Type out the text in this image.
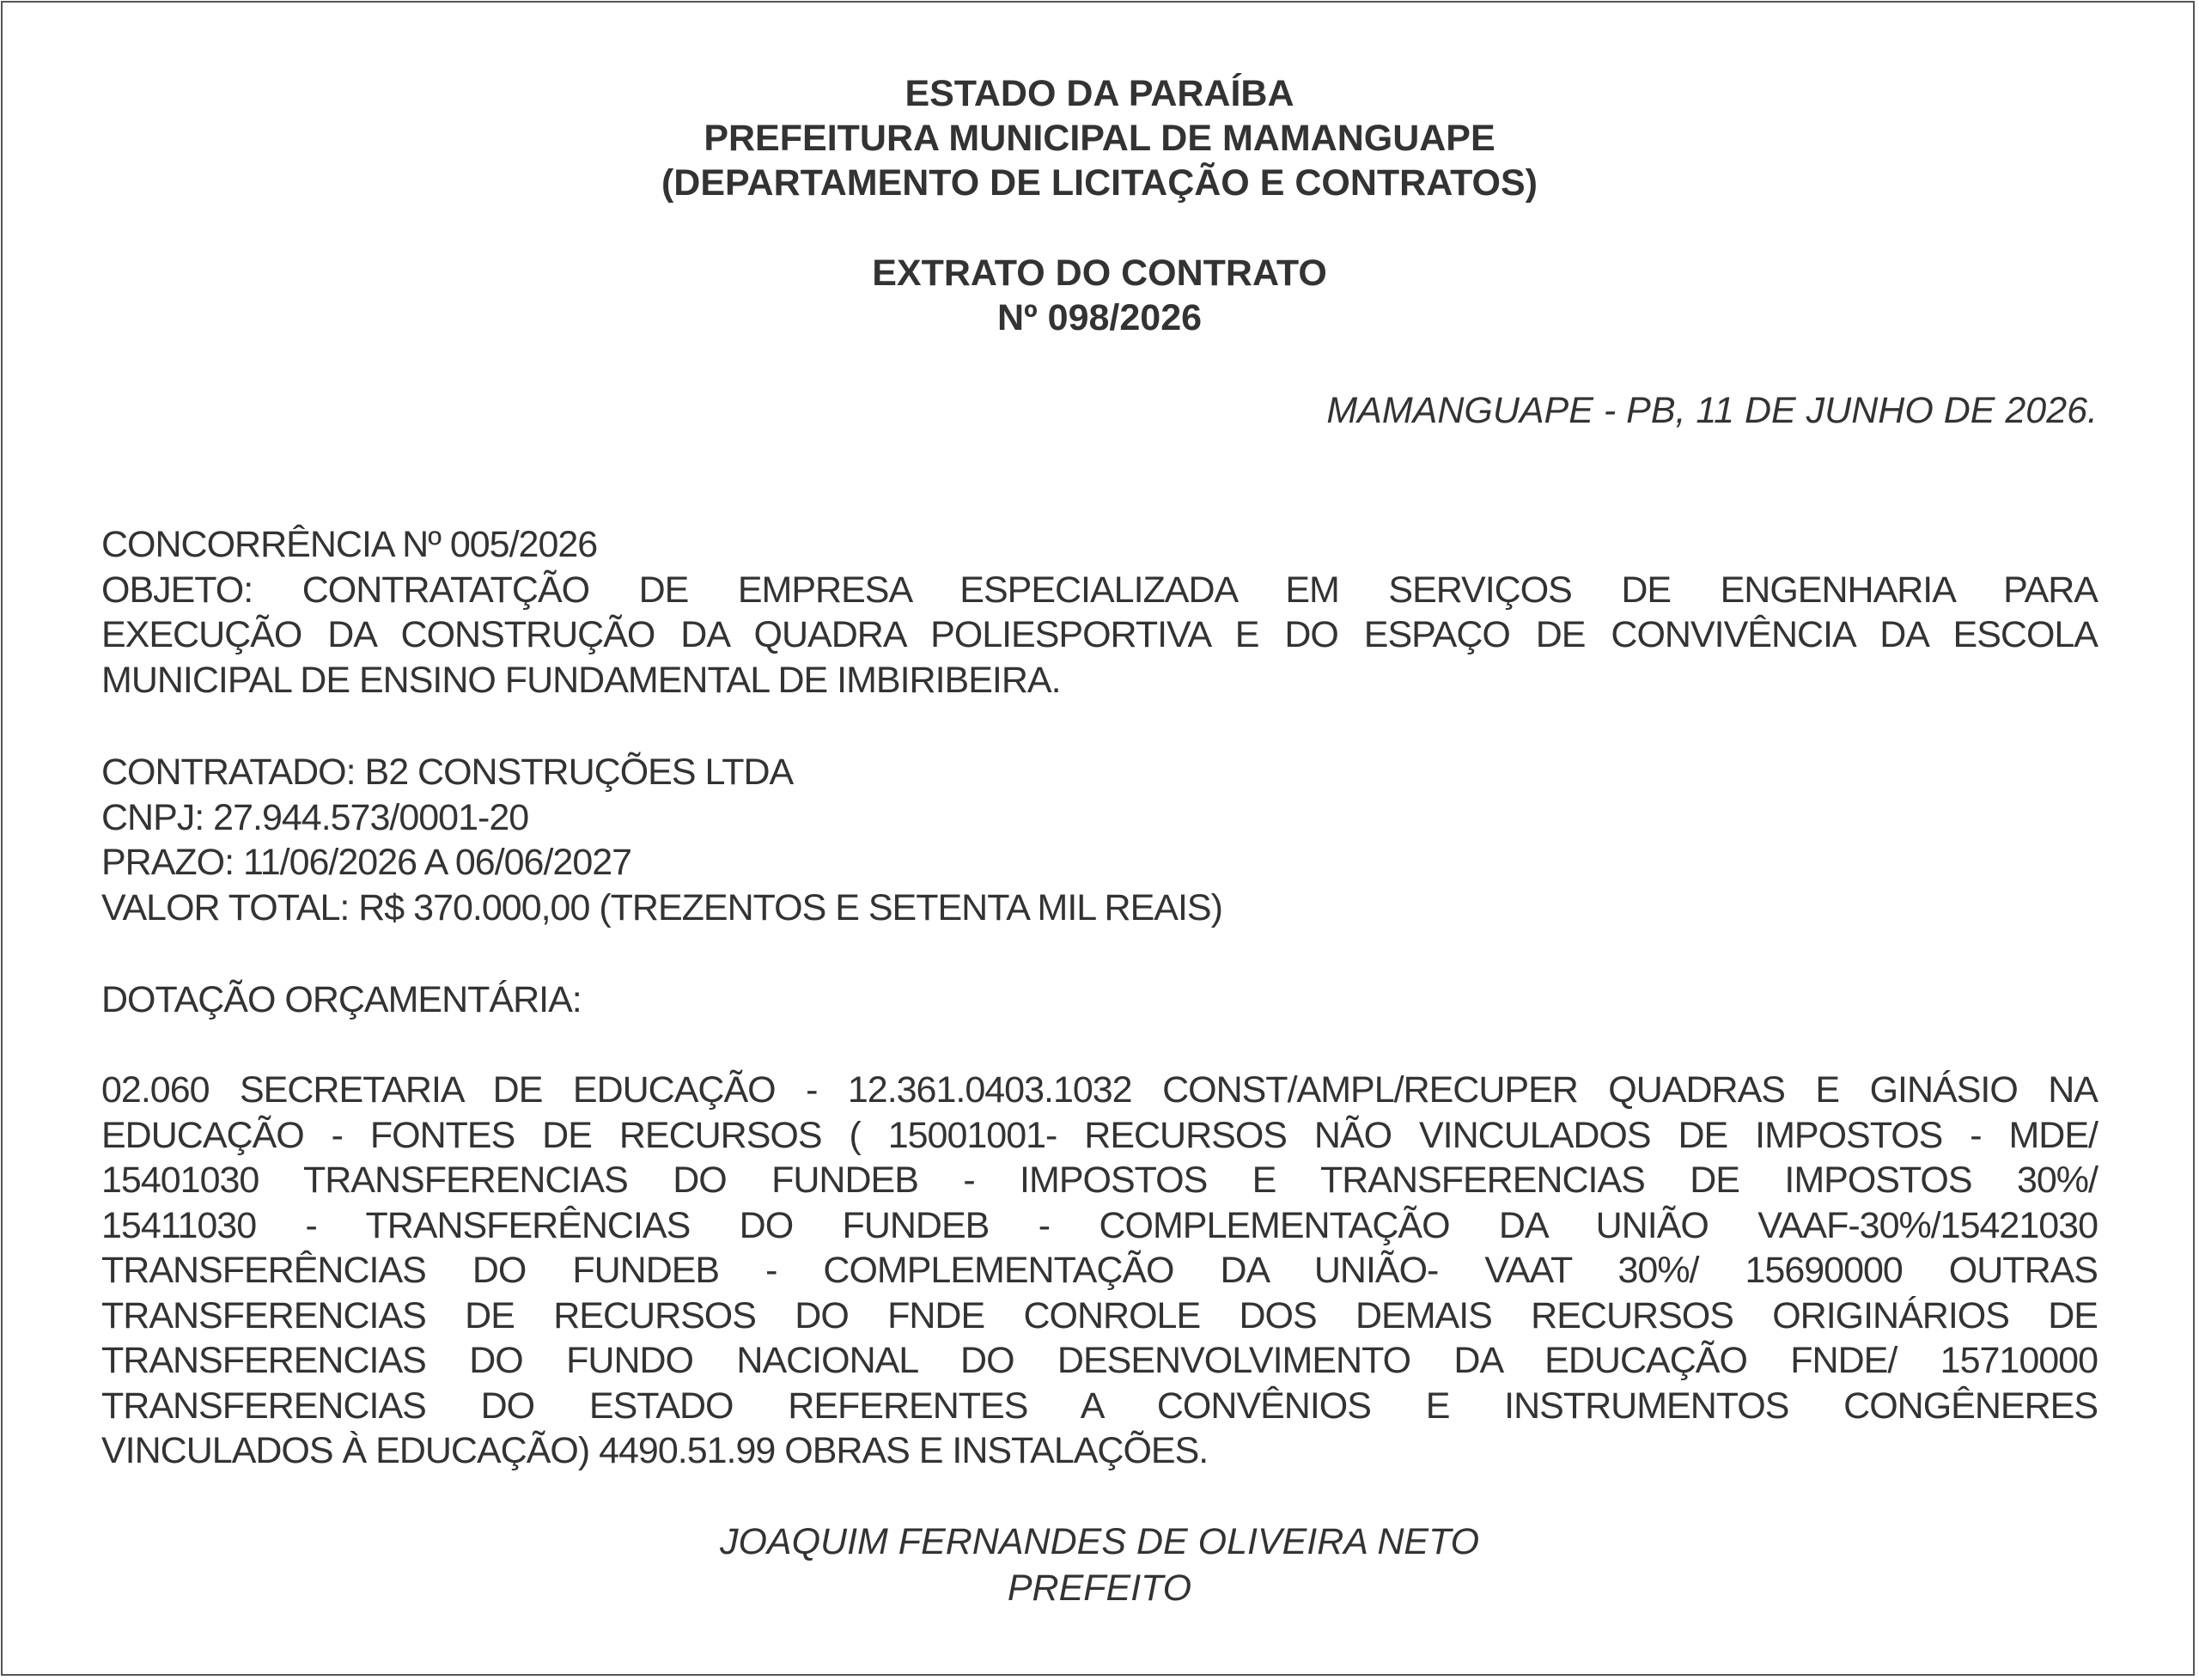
ESTADO DA PARAÍBA
PREFEITURA MUNICIPAL DE MAMANGUAPE
(DEPARTAMENTO DE LICITAÇÃO E CONTRATOS)
EXTRATO DO CONTRATO
Nº 098/2026
MAMANGUAPE - PB, 11 DE JUNHO DE 2026.
CONCORRÊNCIA Nº 005/2026
OBJETO: CONTRATATÇÃO DE EMPRESA ESPECIALIZADA EM SERVIÇOS DE ENGENHARIA PARA
EXECUÇÃO DA CONSTRUÇÃO DA QUADRA POLIESPORTIVA E DO ESPAÇO DE CONVIVÊNCIA DA ESCOLA
MUNICIPAL DE ENSINO FUNDAMENTAL DE IMBIRIBEIRA.
CONTRATADO: B2 CONSTRUÇÕES LTDA
CNPJ: 27.944.573/0001-20
PRAZO: 11/06/2026 A 06/06/2027
VALOR TOTAL: R$ 370.000,00 (TREZENTOS E SETENTA MIL REAIS)
DOTAÇÃO ORÇAMENTÁRIA:
02.060 SECRETARIA DE EDUCAÇÃO - 12.361.0403.1032 CONST/AMPL/RECUPER QUADRAS E GINÁSIO NA
EDUCAÇÃO - FONTES DE RECURSOS ( 15001001- RECURSOS NÃO VINCULADOS DE IMPOSTOS - MDE/
15401030 TRANSFERENCIAS DO FUNDEB - IMPOSTOS E TRANSFERENCIAS DE IMPOSTOS 30%/
15411030 - TRANSFERÊNCIAS DO FUNDEB - COMPLEMENTAÇÃO DA UNIÃO VAAF-30%/15421030
TRANSFERÊNCIAS DO FUNDEB - COMPLEMENTAÇÃO DA UNIÃO- VAAT 30%/ 15690000 OUTRAS
TRANSFERENCIAS DE RECURSOS DO FNDE CONROLE DOS DEMAIS RECURSOS ORIGINÁRIOS DE
TRANSFERENCIAS DO FUNDO NACIONAL DO DESENVOLVIMENTO DA EDUCAÇÃO FNDE/ 15710000
TRANSFERENCIAS DO ESTADO REFERENTES A CONVÊNIOS E INSTRUMENTOS CONGÊNERES
VINCULADOS À EDUCAÇÃO) 4490.51.99 OBRAS E INSTALAÇÕES.
JOAQUIM FERNANDES DE OLIVEIRA NETO
PREFEITO
